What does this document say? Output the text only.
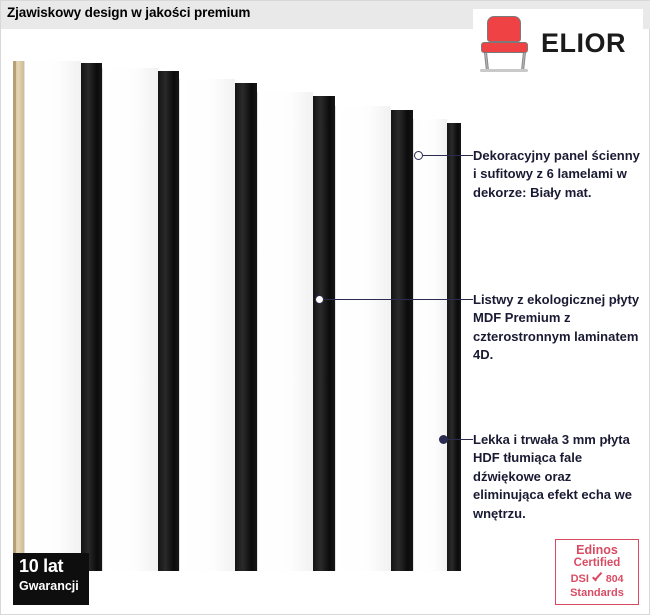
Zjawiskowy design w jakości premium
ELIOR
Dekoracyjny panel ścienny i sufitowy z 6 lamelami w dekorze: Biały mat.
Listwy z ekologicznej płyty MDF Premium z czterostronnym laminatem 4D.
Lekka i trwała 3 mm płyta HDF tłumiąca fale dźwiękowe oraz eliminująca efekt echa we wnętrzu.
10 lat
Gwarancji
Edinos
Certified
DSI 804
Standards
